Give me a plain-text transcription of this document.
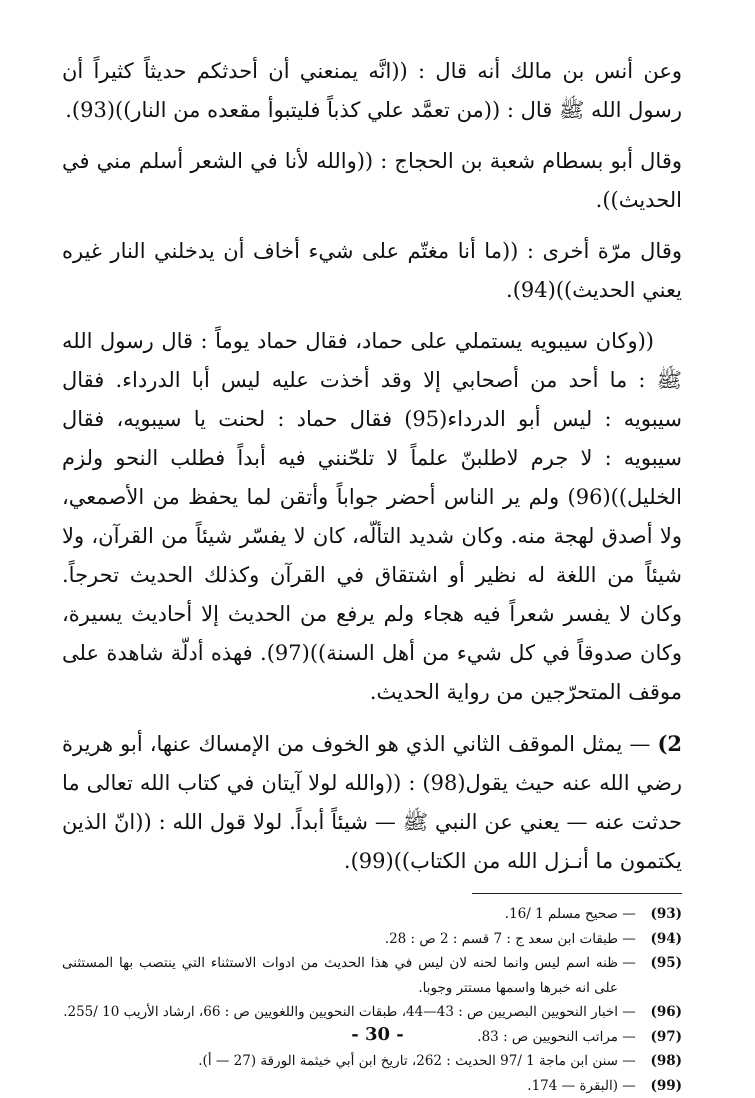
وعن أنس بن مالك أنه قال : ((انَّه يمنعني أن أحدثكم حديثاً كثيراً أن رسول الله ﷺ قال : ((من تعمَّد علي كذباً فليتبوأ مقعده من النار))(93).

وقال أبو بسطام شعبة بن الحجاج : ((والله لأنا في الشعر أسلم مني في الحديث)).

وقال مرّة أخرى : ((ما أنا مغتّم على شيء أخاف أن يدخلني النار غيره يعني الحديث))(94).

((وكان سيبويه يستملي على حماد، فقال حماد يوماً : قال رسول الله ﷺ : ما أحد من أصحابي إلا وقد أخذت عليه ليس أبا الدرداء. فقال سيبويه : ليس أبو الدرداء(95) فقال حماد : لحنت يا سيبويه، فقال سيبويه : لا جرم لاطلبنّ علماً لا تلحّنني فيه أبداً فطلب النحو ولزم الخليل))(96) ولم ير الناس أحضر جواباً وأتقن لما يحفظ من الأصمعي، ولا أصدق لهجة منه. وكان شديد التألّه، كان لا يفسّر شيئاً من القرآن، ولا شيئاً من اللغة له نظير أو اشتقاق في القرآن وكذلك الحديث تحرجاً. وكان لا يفسر شعراً فيه هجاء ولم يرفع من الحديث إلا أحاديث يسيرة، وكان صدوقاً في كل شيء من أهل السنة))(97). فهذه أدلّة شاهدة على موقف المتحرّجين من رواية الحديث.

2) — يمثل الموقف الثاني الذي هو الخوف من الإمساك عنها، أبو هريرة رضي الله عنه حيث يقول(98) : ((والله لولا آيتان في كتاب الله تعالى ما حدثت عنه — يعني عن النبي ﷺ — شيئاً أبداً. لولا قول الله : ((انّ الذين يكتمون ما أنـزل الله من الكتاب))(99).

(93)
—
صحيح مسلم 1 /16.
(94)
—
طبقات ابن سعد ج : 7 قسم : 2 ص : 28.
(95)
—
ظنه اسم ليس وانما لحنه لان ليس في هذا الحديث من ادوات الاستثناء التي ينتصب بها المستثنى على انه خبرها واسمها مستتر وجوبا.
(96)
—
اخبار النحويين البصريين ص : 43—44، طبقات النحويين واللغويين ص : 66، ارشاد الأريب 10 /255.
(97)
—
مراتب النحويين ص : 83.
(98)
—
سنن ابن ماجة 1 /97 الحديث : 262، تاريخ ابن أبي خيثمة الورقة (27 — أ).
(99)
—
(البقرة — 174.
- 30 -
